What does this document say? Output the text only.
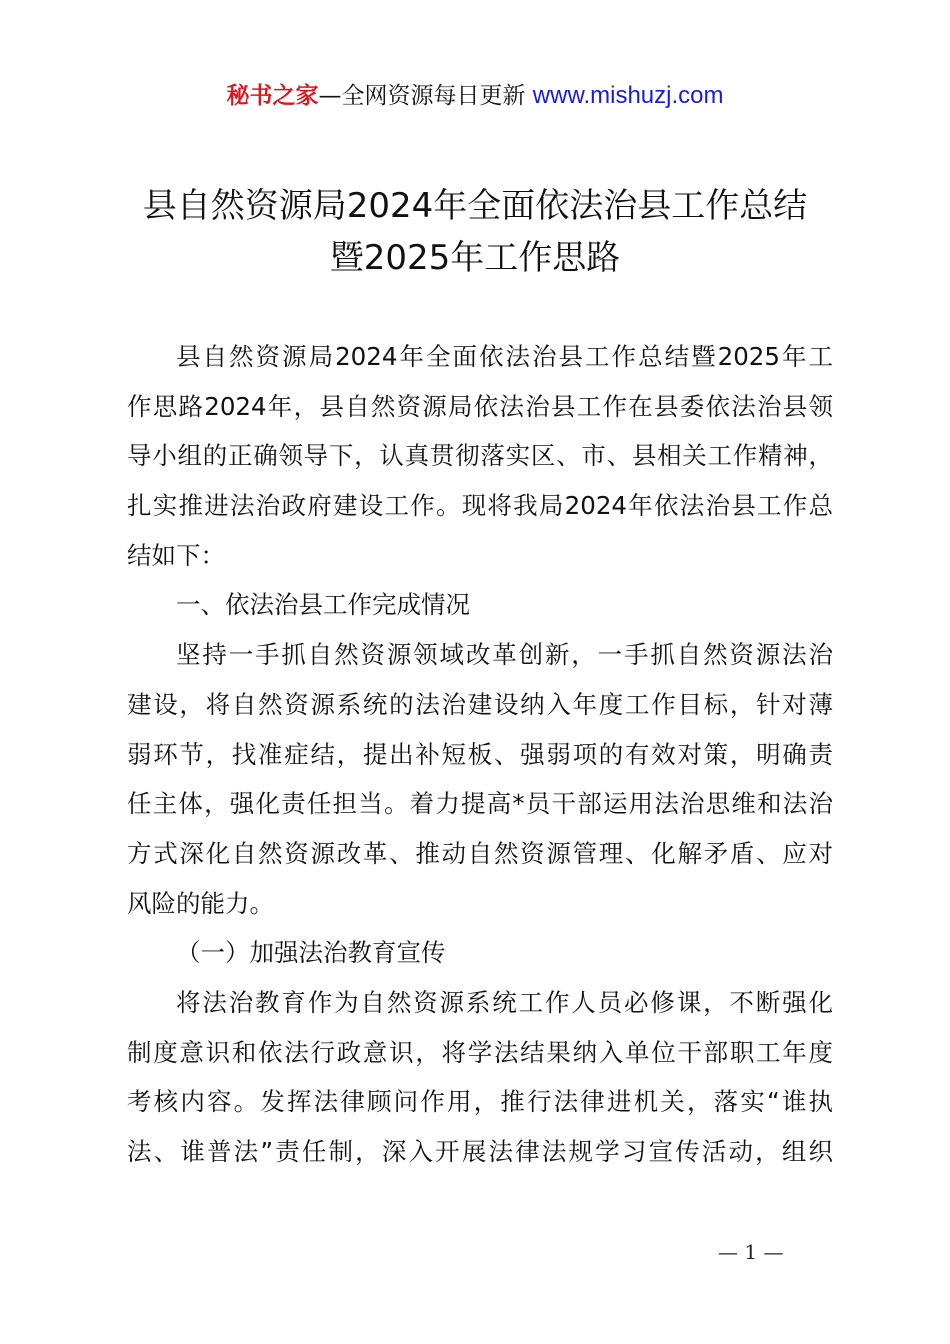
秘书之家—全网资源每日更新 www.mishuzj.com
县自然资源局2024年全面依法治县工作总结
暨2025年工作思路
县自然资源局2024年全面依法治县工作总结暨2025年工
作思路2024年，县自然资源局依法治县工作在县委依法治县领
导小组的正确领导下，认真贯彻落实区、市、县相关工作精神，
扎实推进法治政府建设工作。现将我局2024年依法治县工作总
结如下：
一、依法治县工作完成情况
坚持一手抓自然资源领域改革创新，一手抓自然资源法治
建设，将自然资源系统的法治建设纳入年度工作目标，针对薄
弱环节，找准症结，提出补短板、强弱项的有效对策，明确责
任主体，强化责任担当。着力提高*员干部运用法治思维和法治
方式深化自然资源改革、推动自然资源管理、化解矛盾、应对
风险的能力。
（一）加强法治教育宣传
将法治教育作为自然资源系统工作人员必修课，不断强化
制度意识和依法行政意识，将学法结果纳入单位干部职工年度
考核内容。发挥法律顾问作用，推行法律进机关，落实“谁执
法、谁普法”责任制，深入开展法律法规学习宣传活动，组织
— 1 —
